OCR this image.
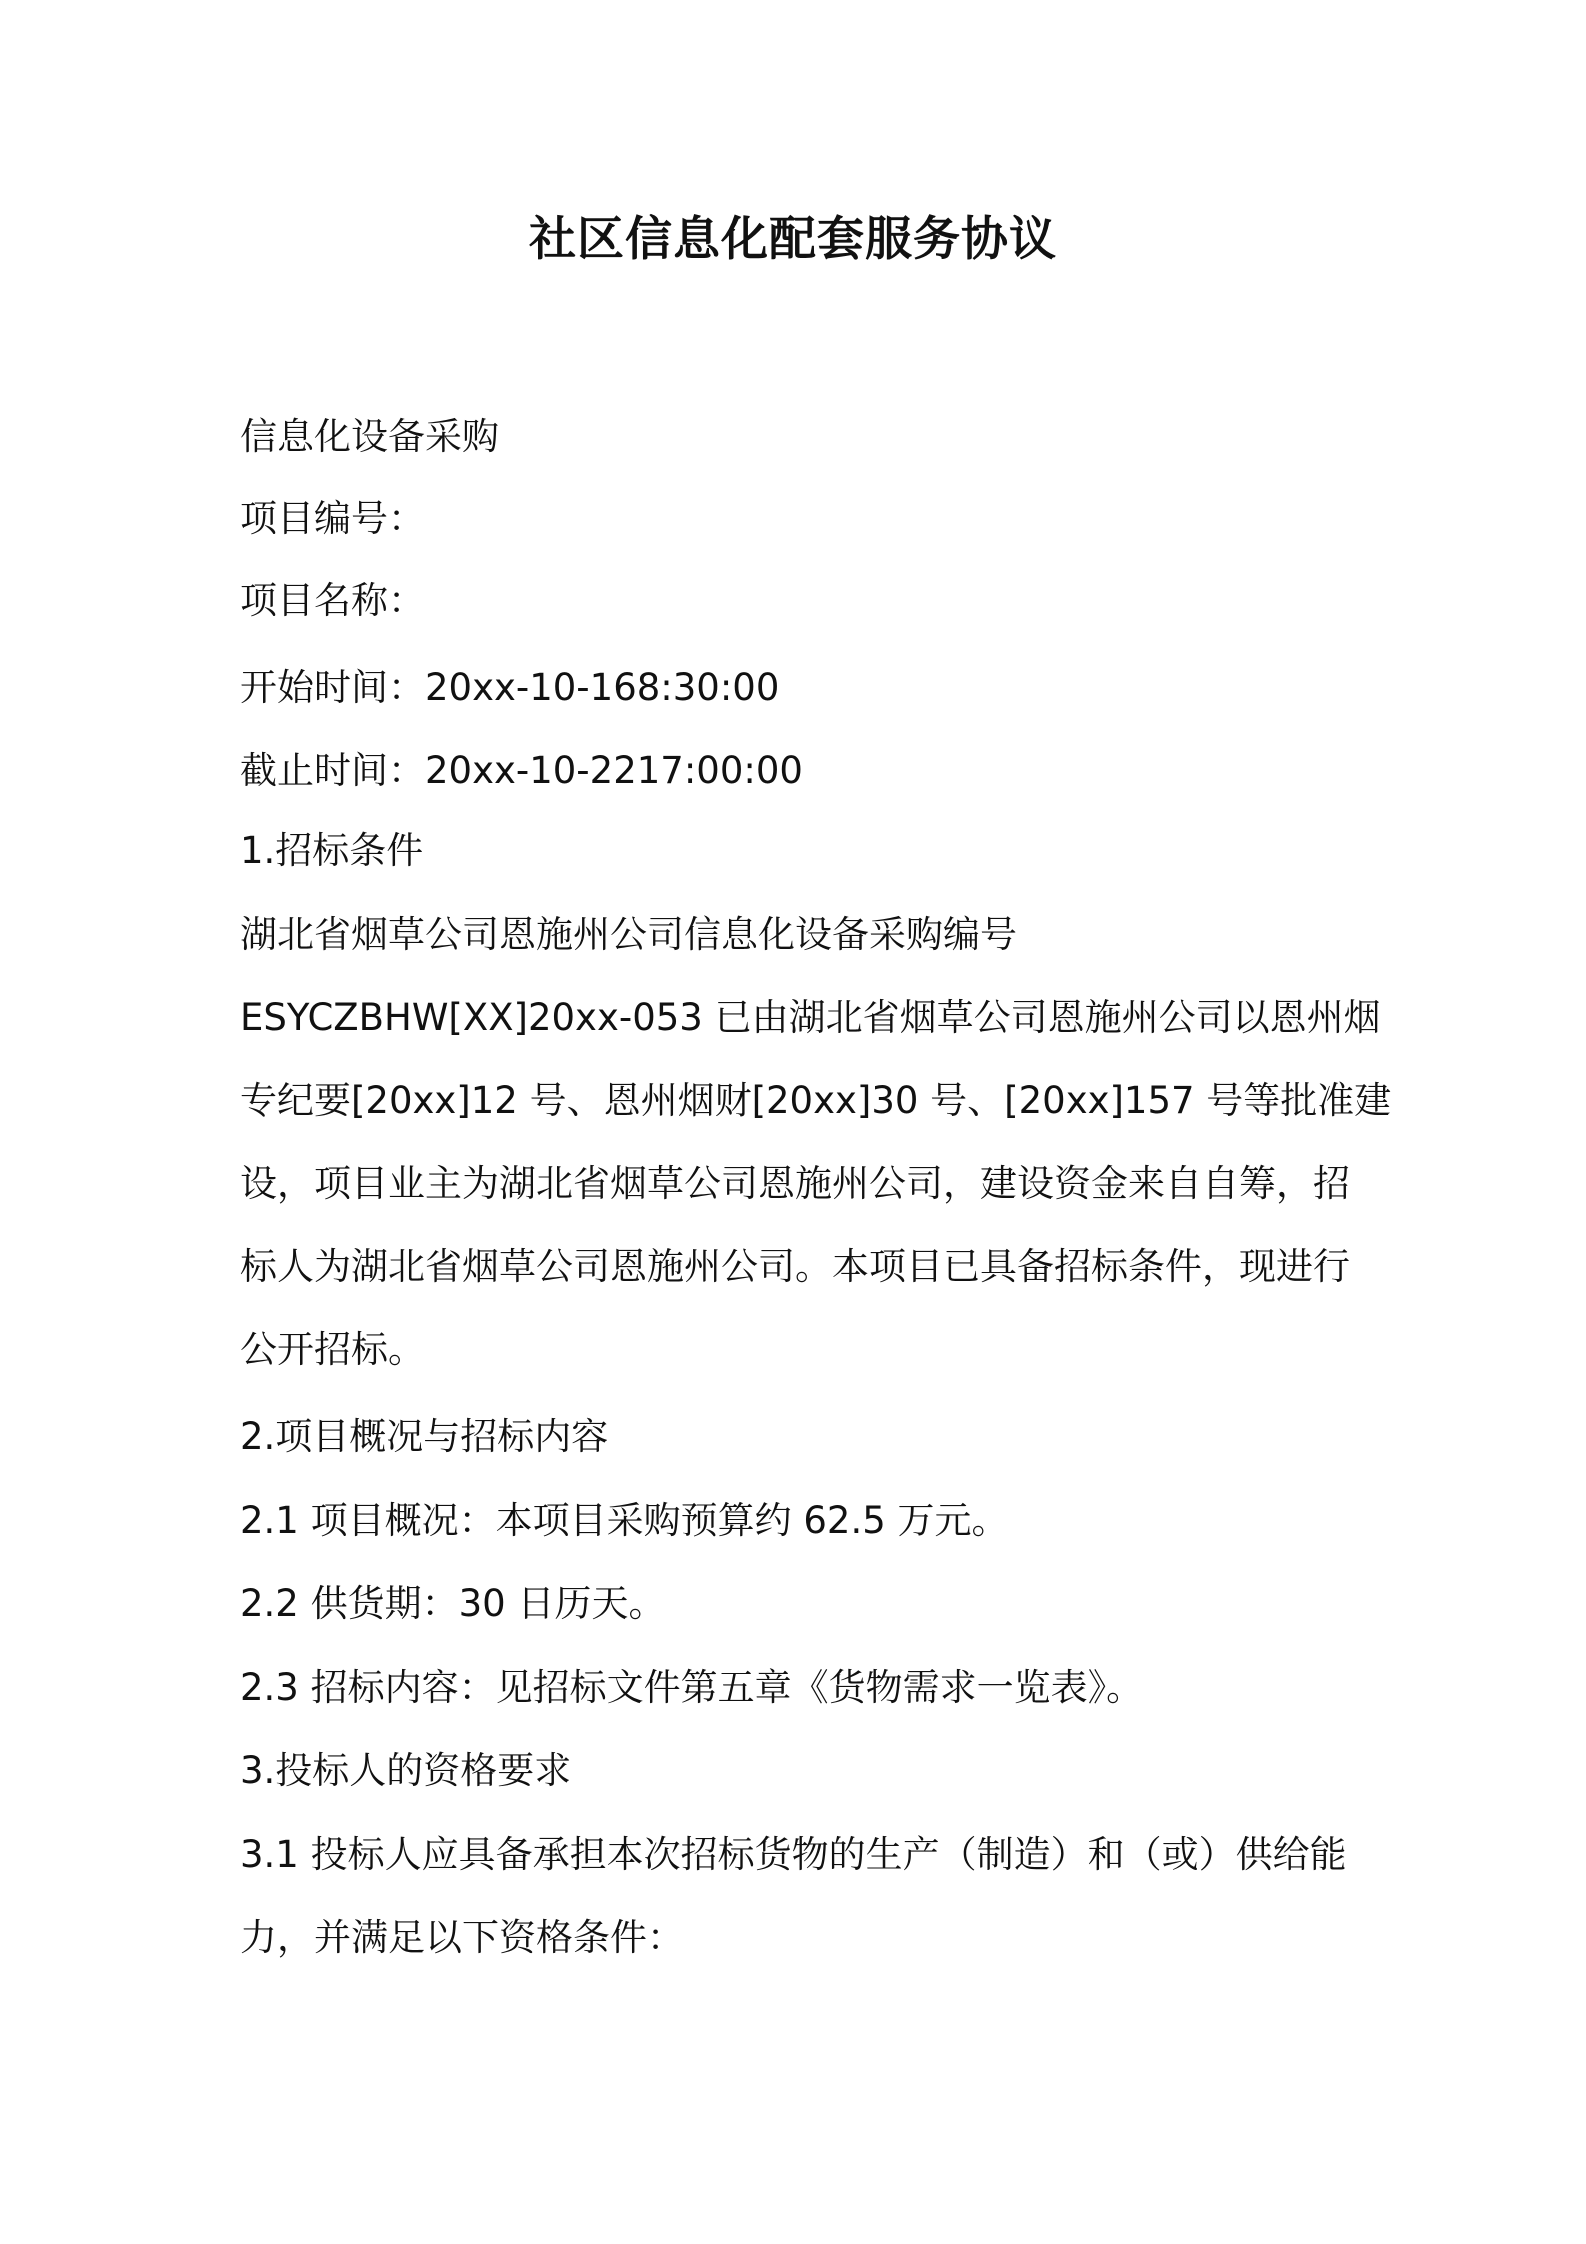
社区信息化配套服务协议
信息化设备采购
项目编号：
项目名称：
开始时间：20xx-10-168:30:00
截止时间：20xx-10-2217:00:00
1.招标条件
湖北省烟草公司恩施州公司信息化设备采购编号
ESYCZBHW[XX]20xx-053 已由湖北省烟草公司恩施州公司以恩州烟
专纪要[20xx]12 号、恩州烟财[20xx]30 号、[20xx]157 号等批准建
设，项目业主为湖北省烟草公司恩施州公司，建设资金来自自筹，招
标人为湖北省烟草公司恩施州公司。本项目已具备招标条件，现进行
公开招标。
2.项目概况与招标内容
2.1 项目概况：本项目采购预算约 62.5 万元。
2.2 供货期：30 日历天。
2.3 招标内容：见招标文件第五章《货物需求一览表》。
3.投标人的资格要求
3.1 投标人应具备承担本次招标货物的生产（制造）和（或）供给能
力，并满足以下资格条件：
